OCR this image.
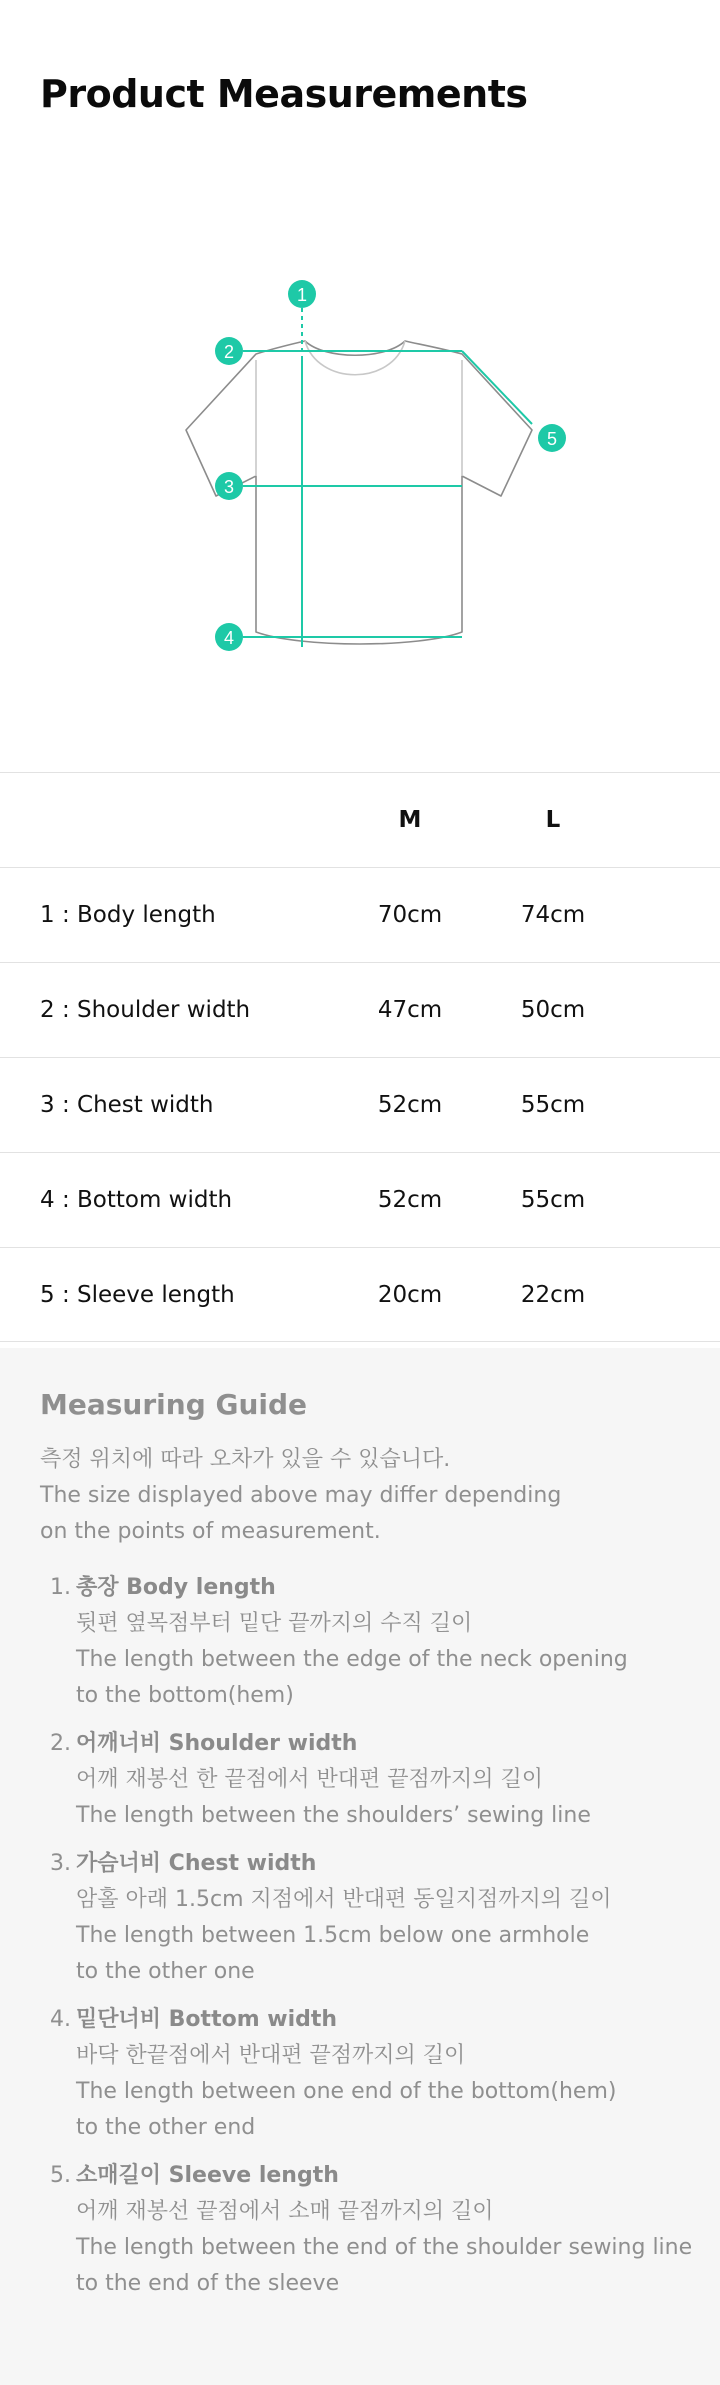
Product Measurements
1
2
3
4
5
M	L
1 : Body length	70cm	74cm
2 : Shoulder width	47cm	50cm
3 : Chest width	52cm	55cm
4 : Bottom width	52cm	55cm
5 : Sleeve length	20cm	22cm
Measuring Guide
측정 위치에 따라 오차가 있을 수 있습니다.
The size displayed above may differ depending
on the points of measurement.
1. 총장 Body length
뒷편 옆목점부터 밑단 끝까지의 수직 길이
The length between the edge of the neck opening
to the bottom(hem)
2. 어깨너비 Shoulder width
어깨 재봉선 한 끝점에서 반대편 끝점까지의 길이
The length between the shoulders’ sewing line
3. 가슴너비 Chest width
암홀 아래 1.5cm 지점에서 반대편 동일지점까지의 길이
The length between 1.5cm below one armhole
to the other one
4. 밑단너비 Bottom width
바닥 한끝점에서 반대편 끝점까지의 길이
The length between one end of the bottom(hem)
to the other end
5. 소매길이 Sleeve length
어깨 재봉선 끝점에서 소매 끝점까지의 길이
The length between the end of the shoulder sewing line
to the end of the sleeve
